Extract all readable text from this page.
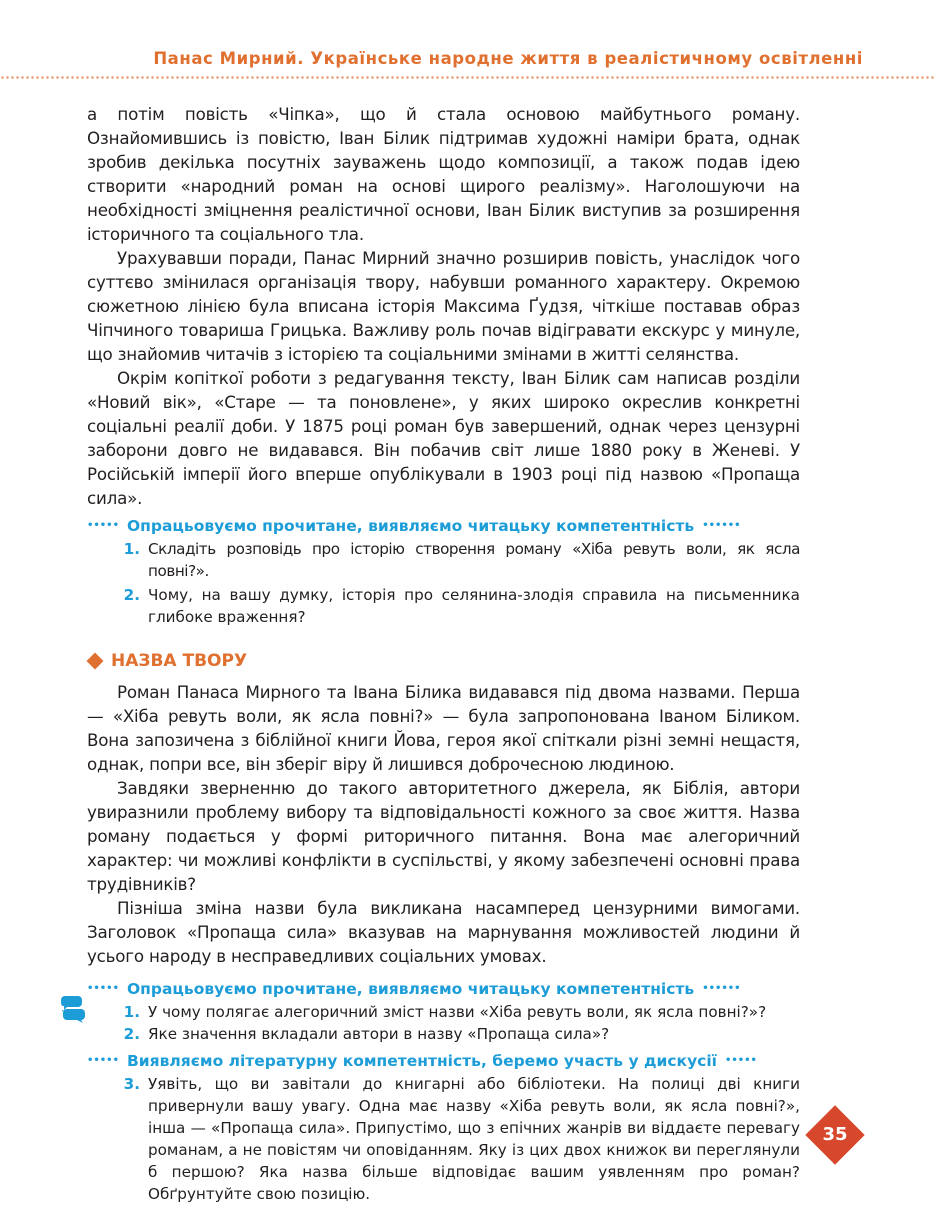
Панас Мирний. Українське народне життя в реалістичному освітленні

а потім повість «Чіпка», що й стала основою майбутнього роману. Ознайомившись із повістю, Іван Білик підтримав художні наміри брата, однак зробив декілька посутніх зауважень щодо композиції, а також подав ідею створити «народний роман на основі щирого реалізму». Наголошуючи на необхідності зміцнення реалістичної основи, Іван Білик виступив за розширення історичного та соціального тла.

Урахувавши поради, Панас Мирний значно розширив повість, унаслідок чого суттєво змінилася організація твору, набувши романного характеру. Окремою сюжетною лінією була вписана історія Максима Ґудзя, чіткіше поставав образ Чіпчиного товариша Грицька. Важливу роль почав відігравати екскурс у минуле, що знайомив читачів з історією та соціальними змінами в житті селянства.

Окрім копіткої роботи з редагування тексту, Іван Білик сам написав розділи «Новий вік», «Старе — та поновлене», у яких широко окреслив конкретні соціальні реалії доби. У 1875 році роман був завершений, однак через цензурні заборони довго не видавався. Він побачив світ лише 1880 року в Женеві. У Російській імперії його вперше опублікували в 1903 році під назвою «Пропаща сила».

••••• Опрацьовуємо прочитане, виявляємо читацьку компетентність ••••••
1. Складіть розповідь про історію створення роману «Хіба ревуть воли, як ясла повні?».
2. Чому, на вашу думку, історія про селянина-злодія справила на письменника глибоке враження?
НАЗВА ТВОРУ

Роман Панаса Мирного та Івана Білика видавався під двома назвами. Перша — «Хіба ревуть воли, як ясла повні?» — була запропонована Іваном Біликом. Вона запозичена з біблійної книги Йова, героя якої спіткали різні земні нещастя, однак, попри все, він зберіг віру й лишився доброчесною людиною.

Завдяки зверненню до такого авторитетного джерела, як Біблія, автори увиразнили проблему вибору та відповідальності кожного за своє життя. Назва роману подається у формі риторичного питання. Вона має алегоричний характер: чи можливі конфлікти в суспільстві, у якому забезпечені основні права трудівників?

Пізніша зміна назви була викликана насамперед цензурними вимогами. Заголовок «Пропаща сила» вказував на марнування можливостей людини й усього народу в несправедливих соціальних умовах.

••••• Опрацьовуємо прочитане, виявляємо читацьку компетентність ••••••
1. У чому полягає алегоричний зміст назви «Хіба ревуть воли, як ясла повні?»?
2. Яке значення вкладали автори в назву «Пропаща сила»?
••••• Виявляємо літературну компетентність, беремо участь у дискусії •••••
3. Уявіть, що ви завітали до книгарні або бібліотеки. На полиці дві книги привернули вашу увагу. Одна має назву «Хіба ревуть воли, як ясла повні?», інша — «Пропаща сила». Припустімо, що з епічних жанрів ви віддаєте перевагу романам, а не повістям чи оповіданням. Яку із цих двох книжок ви переглянули б першою? Яка назва більше відповідає вашим уявленням про роман? Обґрунтуйте свою позицію.
35
